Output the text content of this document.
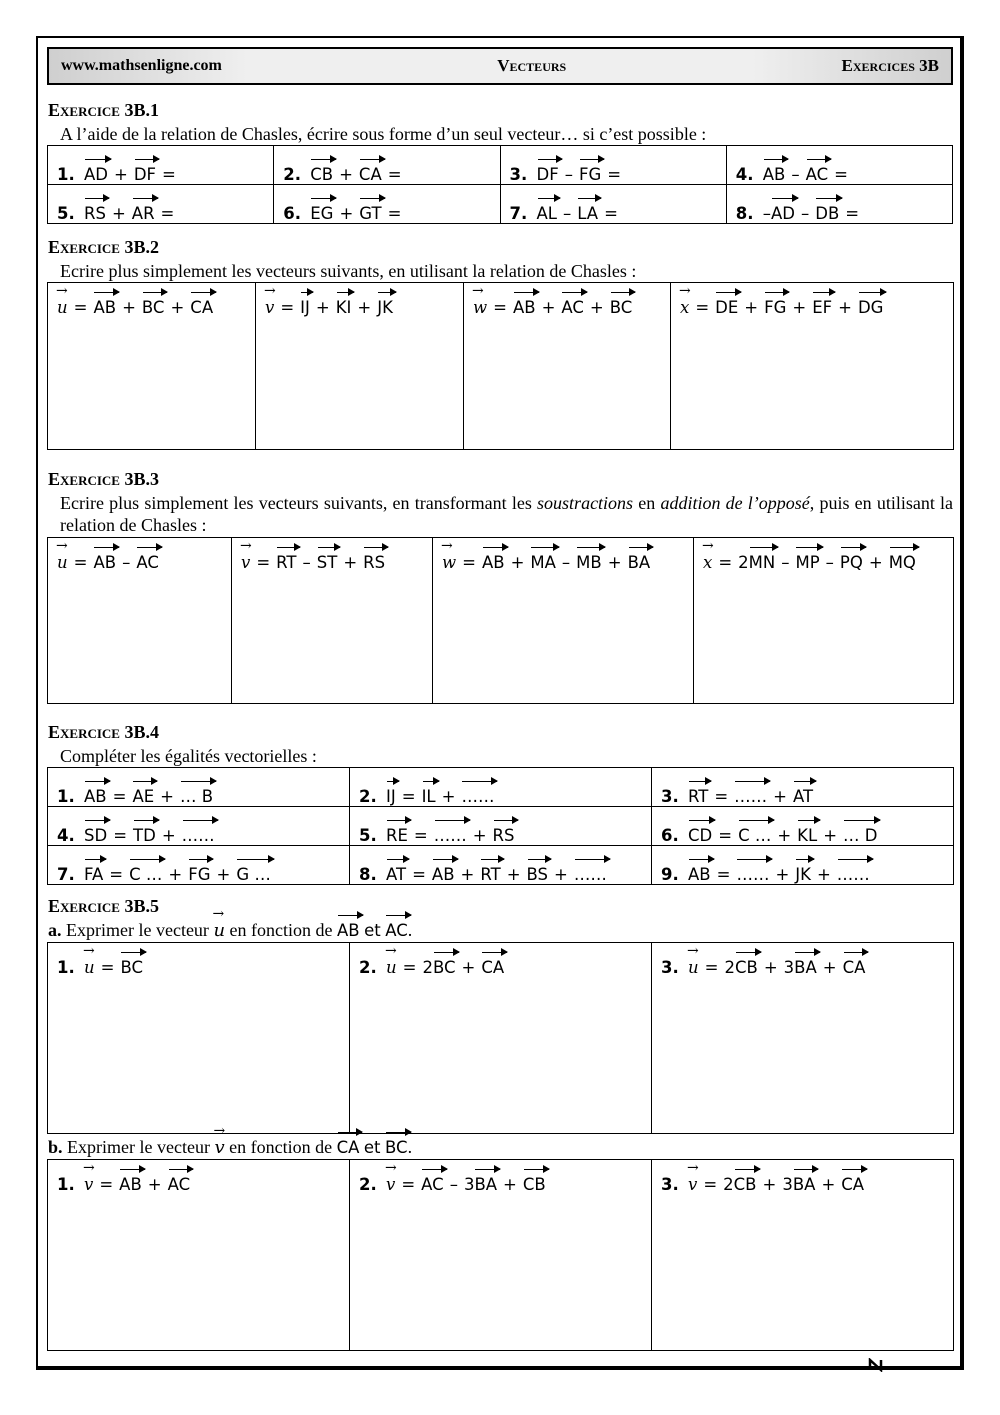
www.mathsenligne.com	Vecteurs	Exercices 3B
Exercice 3B.1
A l’aide de la relation de Chasles, écrire sous forme d’un seul vecteur… si c’est possible :
1. AD + DF =	2. CB + CA =	3. DF – FG =	4. AB – AC =
5. RS + AR =	6. EG + GT =	7. AL – LA =	8. –AD – DB =
Exercice 3B.2
Ecrire plus simplement les vecteurs suivants, en utilisant la relation de Chasles :
→ u = AB + BC + CA	→v = IJ + KI + JK	→w = AB + AC + BC	→x = DE + FG + EF + DG
Exercice 3B.3
Ecrire plus simplement les vecteurs suivants, en transformant les soustractions en addition de l’opposé, puis en utilisant la relation de Chasles :
→ u = AB – AC	→v = RT – ST + RS	→w = AB + MA – MB + BA	→x = 2MN – MP – PQ + MQ
Exercice 3B.4
Compléter les égalités vectorielles :
1. AB = AE + … B	2. IJ = IL + ……	3. RT = …… + AT
4. SD = TD + ……	5. RE = …… + RS	6. CD = C … + KL + … D
7. FA = C … + FG + G …	8. AT = AB + RT + BS + ……	9. AB = …… + JK + ……
Exercice 3B.5
a. Exprimer le vecteur → u en fonction de AB et AC.
1. → u = BC	2. → u = 2BC + CA	3. → u = 2CB + 3BA + CA
b. Exprimer le vecteur → v en fonction de CA et BC.
1. → v = AB + AC	2. → v = AC – 3BA + CB	3. → v = 2CB + 3BA + CA
